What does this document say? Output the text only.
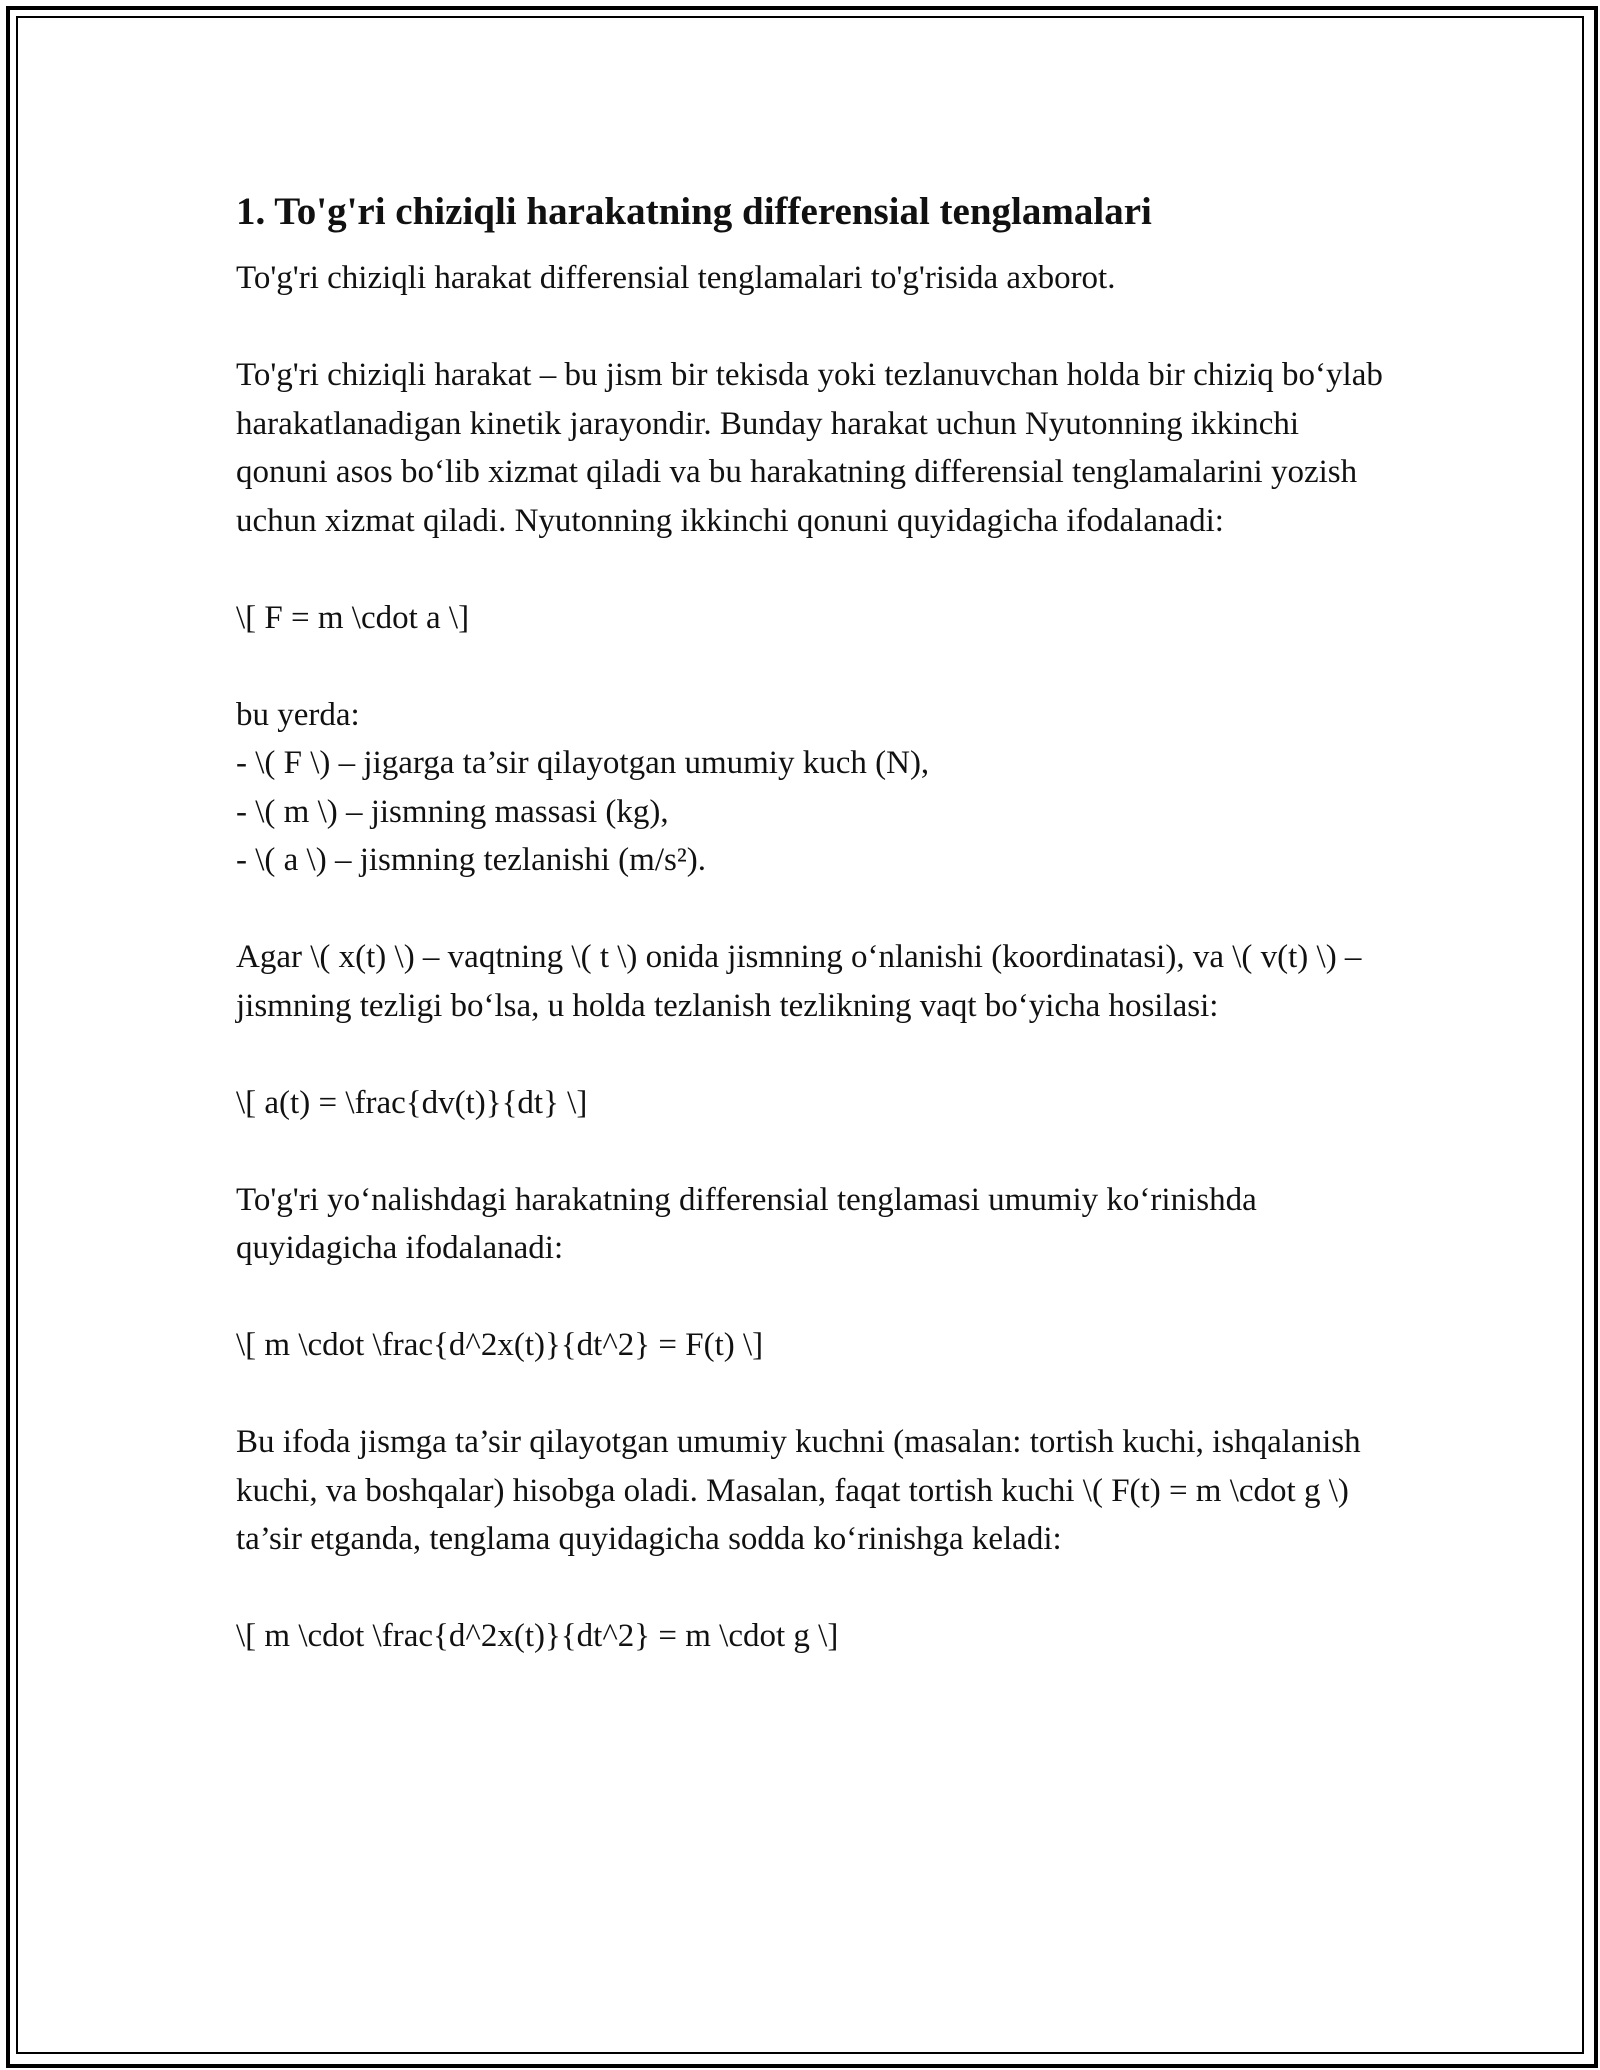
1. To'g'ri chiziqli harakatning differensial tenglamalari

To'g'ri chiziqli harakat differensial tenglamalari to'g'risida axborot.

To'g'ri chiziqli harakat – bu jism bir tekisda yoki tezlanuvchan holda bir chiziq bo‘ylab harakatlanadigan kinetik jarayondir. Bunday harakat uchun Nyutonning ikkinchi qonuni asos bo‘lib xizmat qiladi va bu harakatning differensial tenglamalarini yozish uchun xizmat qiladi. Nyutonning ikkinchi qonuni quyidagicha ifodalanadi:

\[ F = m \cdot a \]

bu yerda:
- \( F \) – jigarga ta’sir qilayotgan umumiy kuch (N),
- \( m \) – jismning massasi (kg),
- \( a \) – jismning tezlanishi (m/s²).

Agar \( x(t) \) – vaqtning \( t \) onida jismning o‘nlanishi (koordinatasi), va \( v(t) \) – jismning tezligi bo‘lsa, u holda tezlanish tezlikning vaqt bo‘yicha hosilasi:

\[ a(t) = \frac{dv(t)}{dt} \]

To'g'ri yo‘nalishdagi harakatning differensial tenglamasi umumiy ko‘rinishda quyidagicha ifodalanadi:

\[ m \cdot \frac{d^2x(t)}{dt^2} = F(t) \]

Bu ifoda jismga ta’sir qilayotgan umumiy kuchni (masalan: tortish kuchi, ishqalanish kuchi, va boshqalar) hisobga oladi. Masalan, faqat tortish kuchi \( F(t) = m \cdot g \) ta’sir etganda, tenglama quyidagicha sodda ko‘rinishga keladi:

\[ m \cdot \frac{d^2x(t)}{dt^2} = m \cdot g \]
